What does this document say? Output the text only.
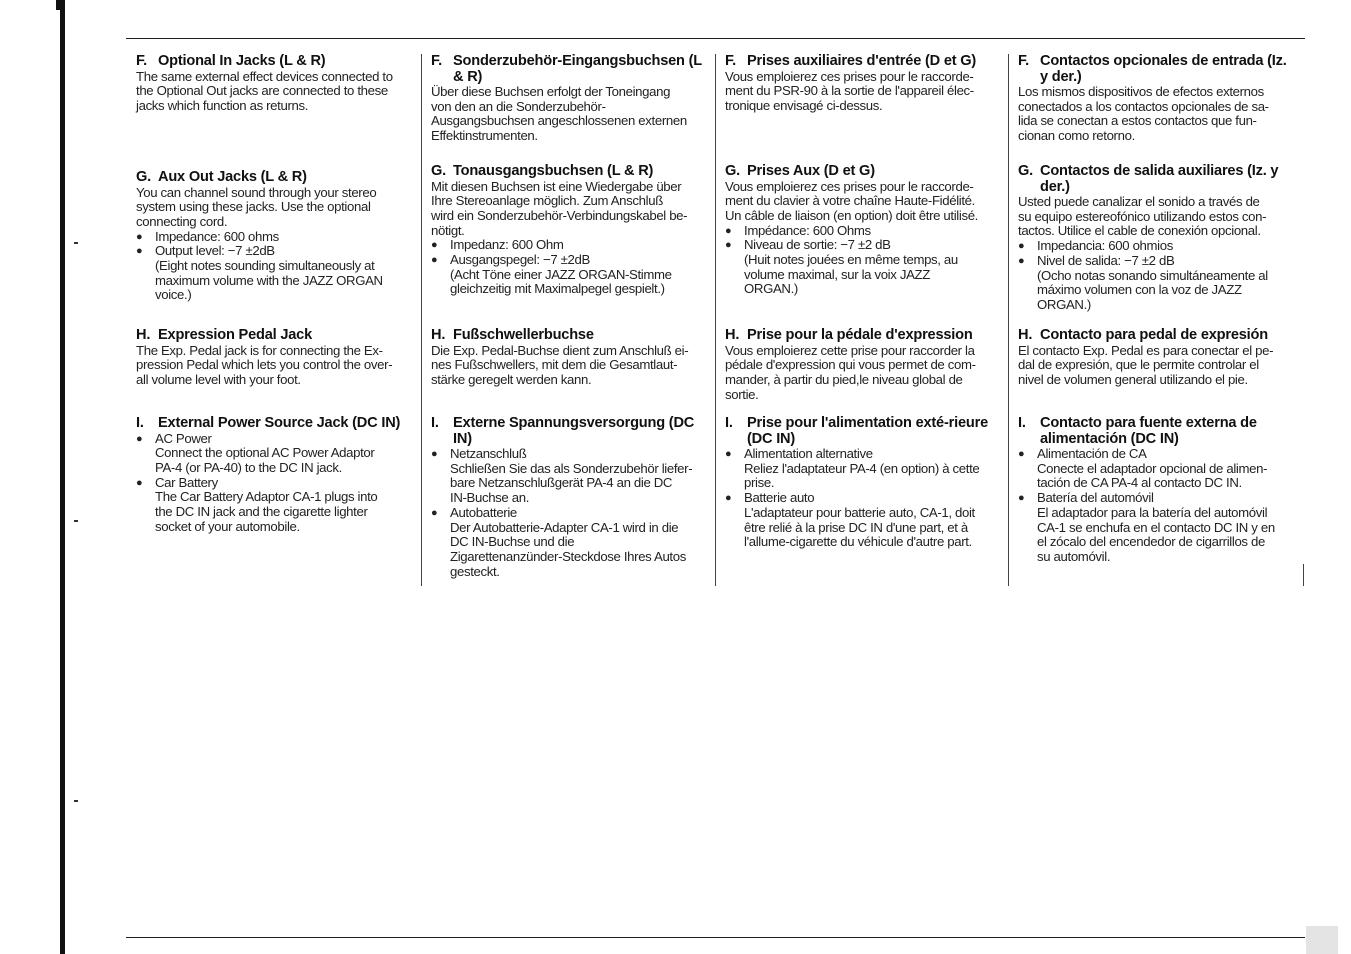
F. Optional In Jacks (L & R)
The same external effect devices connected to
the Optional Out jacks are connected to these
jacks which function as returns.
G. Aux Out Jacks (L & R)
You can channel sound through your stereo
system using these jacks. Use the optional
connecting cord.
● Impedance: 600 ohms
● Output level: −7 ±2dB
(Eight notes sounding simultaneously at
maximum volume with the JAZZ ORGAN
voice.)
H. Expression Pedal Jack
The Exp. Pedal jack is for connecting the Ex-
pression Pedal which lets you control the over-
all volume level with your foot.
I. External Power Source Jack (DC IN)
● AC Power
Connect the optional AC Power Adaptor
PA-4 (or PA-40) to the DC IN jack.
● Car Battery
The Car Battery Adaptor CA-1 plugs into
the DC IN jack and the cigarette lighter
socket of your automobile.
F. Sonderzubehör-Eingangsbuchsen (L & R)
Über diese Buchsen erfolgt der Toneingang
von den an die Sonderzubehör-
Ausgangsbuchsen angeschlossenen externen
Effektinstrumenten.
G. Tonausgangsbuchsen (L & R)
Mit diesen Buchsen ist eine Wiedergabe über
Ihre Stereoanlage möglich. Zum Anschluß
wird ein Sonderzubehör-Verbindungskabel be-
nötigt.
● Impedanz: 600 Ohm
● Ausgangspegel: −7 ±2dB
(Acht Töne einer JAZZ ORGAN-Stimme
gleichzeitig mit Maximalpegel gespielt.)
H. Fußschwellerbuchse
Die Exp. Pedal-Buchse dient zum Anschluß ei-
nes Fußschwellers, mit dem die Gesamtlaut-
stärke geregelt werden kann.
I. Externe Spannungsversorgung (DC IN)
● Netzanschluß
Schließen Sie das als Sonderzubehör liefer-
bare Netzanschlußgerät PA-4 an die DC
IN-Buchse an.
● Autobatterie
Der Autobatterie-Adapter CA-1 wird in die
DC IN-Buchse und die
Zigarettenanzünder-Steckdose Ihres Autos
gesteckt.
F. Prises auxiliaires d'entrée (D et G)
Vous emploierez ces prises pour le raccorde-
ment du PSR-90 à la sortie de l'appareil élec-
tronique envisagé ci-dessus.
G. Prises Aux (D et G)
Vous emploierez ces prises pour le raccorde-
ment du clavier à votre chaîne Haute-Fidélité.
Un câble de liaison (en option) doit être utilisé.
● Impédance: 600 Ohms
● Niveau de sortie: −7 ±2 dB
(Huit notes jouées en même temps, au
volume maximal, sur la voix JAZZ
ORGAN.)
H. Prise pour la pédale d'expression
Vous emploierez cette prise pour raccorder la
pédale d'expression qui vous permet de com-
mander, à partir du pied,le niveau global de
sortie.
I. Prise pour l'alimentation exté-rieure (DC IN)
● Alimentation alternative
Reliez l'adaptateur PA-4 (en option) à cette
prise.
● Batterie auto
L'adaptateur pour batterie auto, CA-1, doit
être relié à la prise DC IN d'une part, et à
l'allume-cigarette du véhicule d'autre part.
F. Contactos opcionales de entrada (Iz. y der.)
Los mismos dispositivos de efectos externos
conectados a los contactos opcionales de sa-
lida se conectan a estos contactos que fun-
cionan como retorno.
G. Contactos de salida auxiliares (Iz. y der.)
Usted puede canalizar el sonido a través de
su equipo estereofónico utilizando estos con-
tactos. Utilice el cable de conexión opcional.
● Impedancia: 600 ohmios
● Nivel de salida: −7 ±2 dB
(Ocho notas sonando simultáneamente al
máximo volumen con la voz de JAZZ
ORGAN.)
H. Contacto para pedal de expresión
El contacto Exp. Pedal es para conectar el pe-
dal de expresión, que le permite controlar el
nivel de volumen general utilizando el pie.
I. Contacto para fuente externa de alimentación (DC IN)
● Alimentación de CA
Conecte el adaptador opcional de alimen-
tación de CA PA-4 al contacto DC IN.
● Batería del automóvil
El adaptador para la batería del automóvil
CA-1 se enchufa en el contacto DC IN y en
el zócalo del encendedor de cigarrillos de
su automóvil.
